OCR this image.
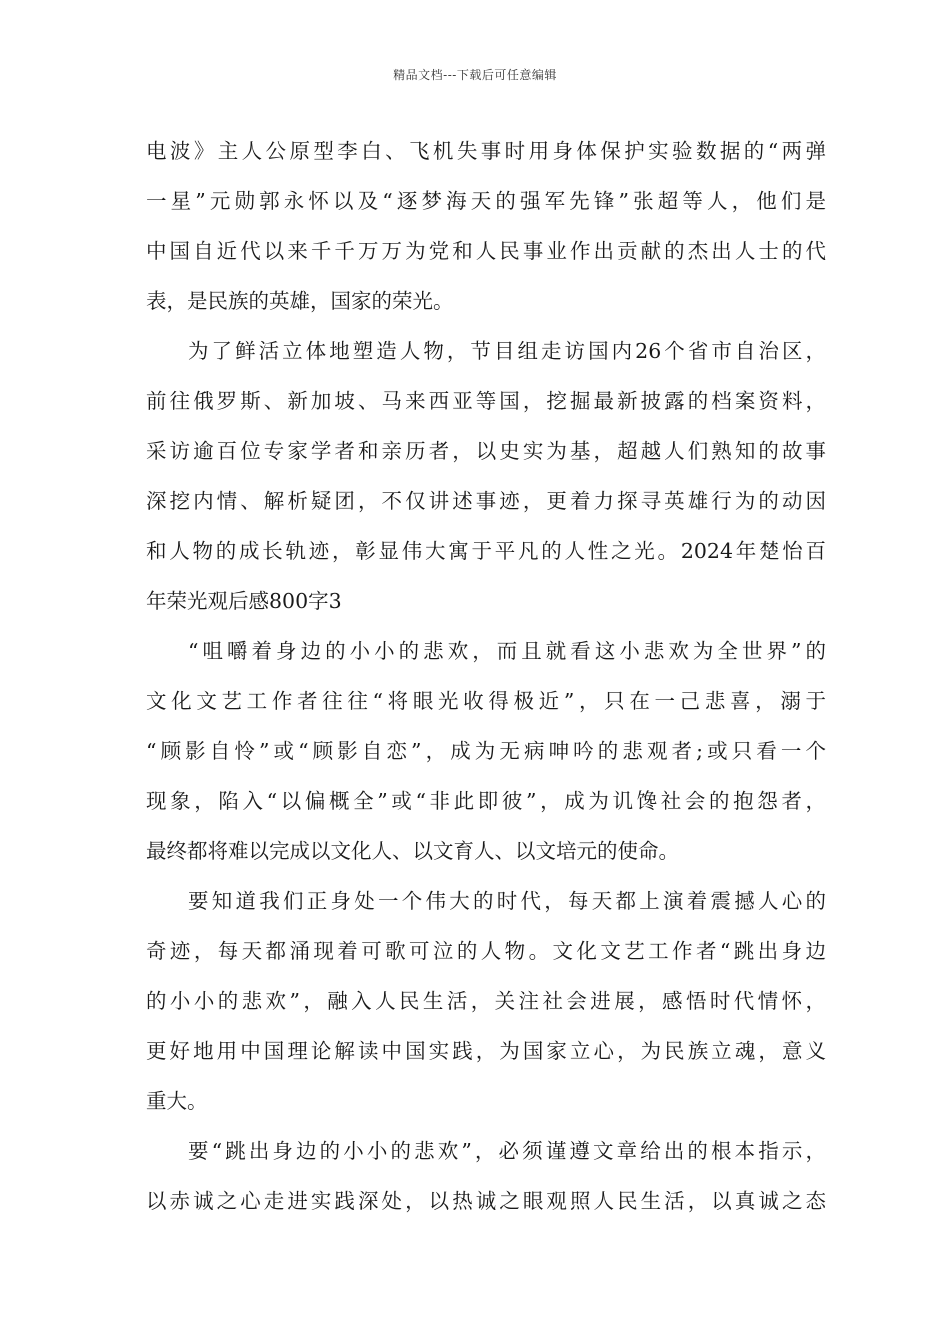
精品文档---下载后可任意编辑
电波》主人公原型李白、飞机失事时用身体保护实验数据的“两弹
一星”元勋郭永怀以及“逐梦海天的强军先锋”张超等人，他们是
中国自近代以来千千万万为党和人民事业作出贡献的杰出人士的代
表，是民族的英雄，国家的荣光。
为了鲜活立体地塑造人物，节目组走访国内26个省市自治区，
前往俄罗斯、新加坡、马来西亚等国，挖掘最新披露的档案资料，
采访逾百位专家学者和亲历者，以史实为基，超越人们熟知的故事
深挖内情、解析疑团，不仅讲述事迹，更着力探寻英雄行为的动因
和人物的成长轨迹，彰显伟大寓于平凡的人性之光。2024年楚怡百
年荣光观后感800字3
“咀嚼着身边的小小的悲欢，而且就看这小悲欢为全世界”的
文化文艺工作者往往“将眼光收得极近”，只在一己悲喜，溺于
“顾影自怜”或“顾影自恋”，成为无病呻吟的悲观者;或只看一个
现象，陷入“以偏概全”或“非此即彼”，成为讥馋社会的抱怨者，
最终都将难以完成以文化人、以文育人、以文培元的使命。
要知道我们正身处一个伟大的时代，每天都上演着震撼人心的
奇迹，每天都涌现着可歌可泣的人物。文化文艺工作者“跳出身边
的小小的悲欢”，融入人民生活，关注社会进展，感悟时代情怀，
更好地用中国理论解读中国实践，为国家立心，为民族立魂，意义
重大。
要“跳出身边的小小的悲欢”，必须谨遵文章给出的根本指示，
以赤诚之心走进实践深处，以热诚之眼观照人民生活，以真诚之态
